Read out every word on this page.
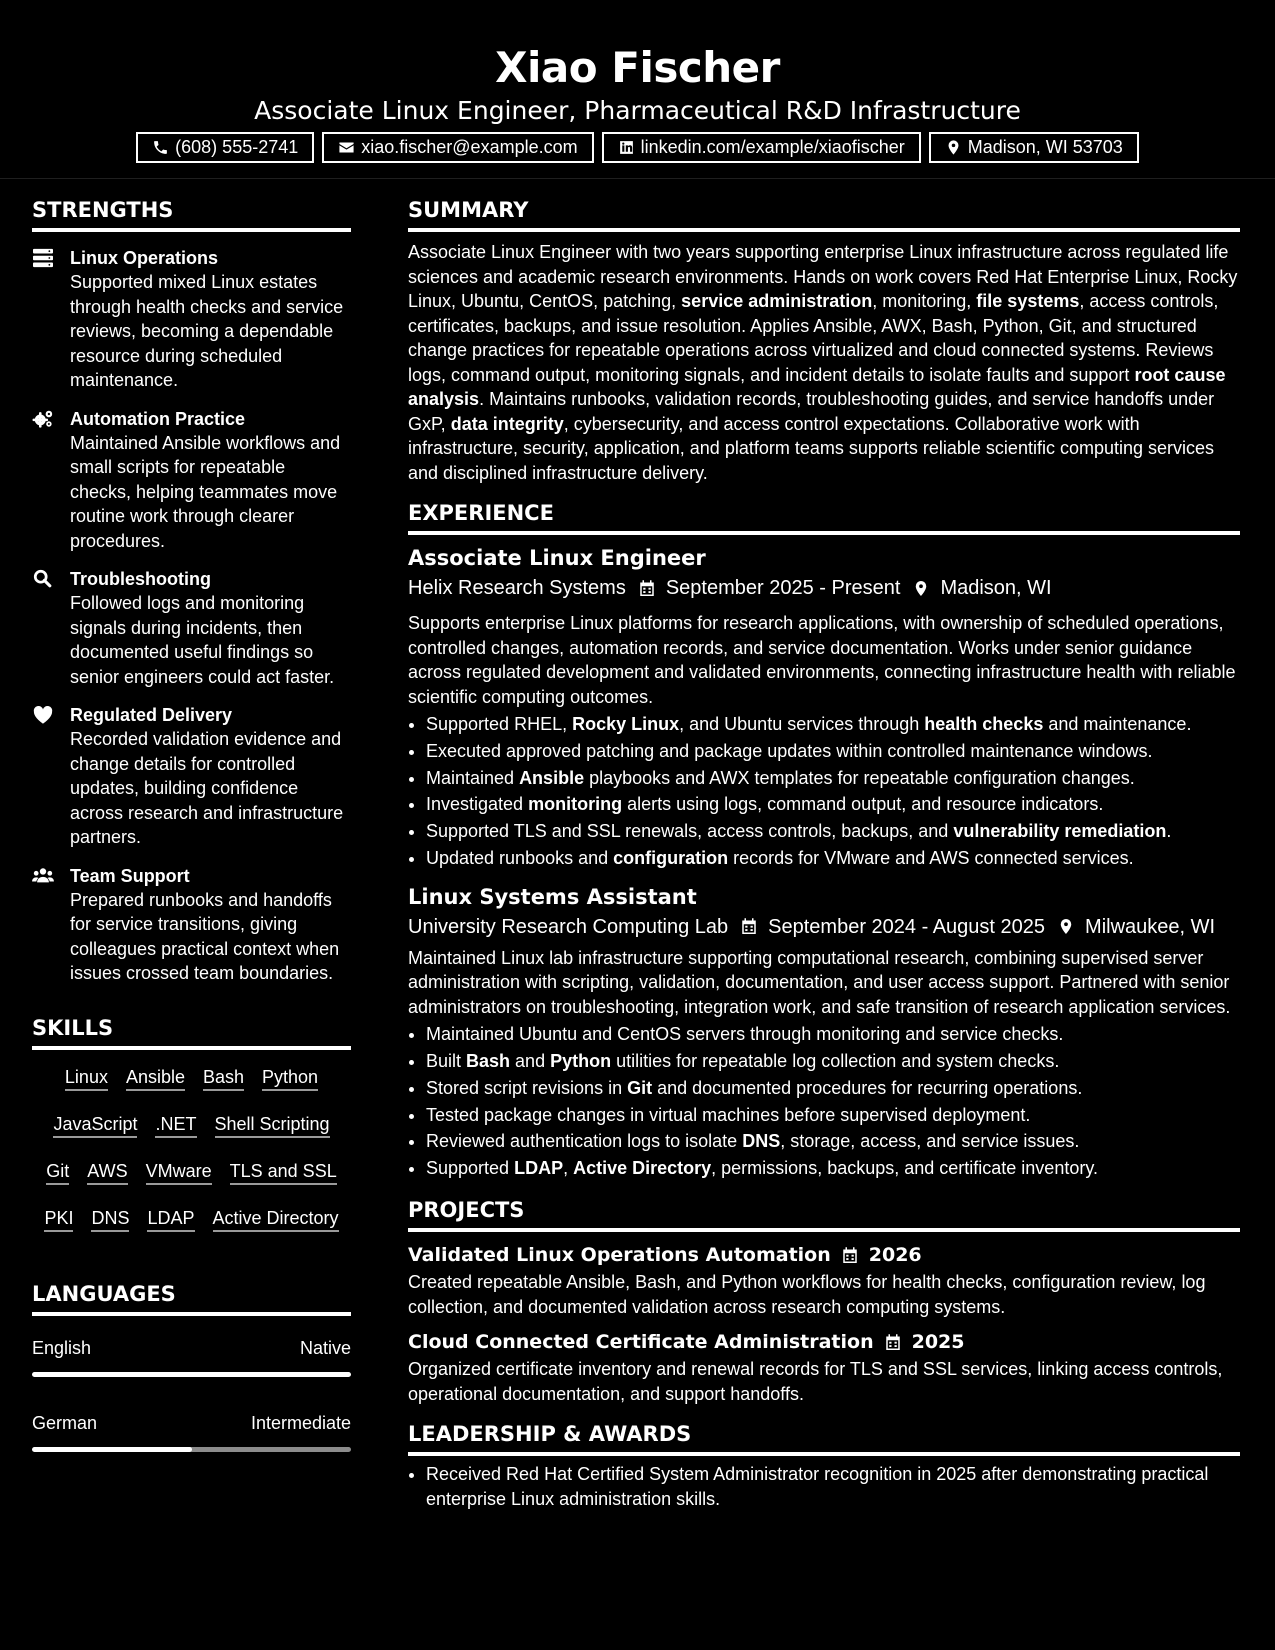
Xiao Fischer
Associate Linux Engineer, Pharmaceutical R&D Infrastructure
(608) 555-2741	xiao.fischer@example.com	linkedin.com/example/xiaofischer	Madison, WI 53703
STRENGTHS
Linux Operations
Supported mixed Linux estates through health checks and service reviews, becoming a dependable resource during scheduled maintenance.
Automation Practice
Maintained Ansible workflows and small scripts for repeatable checks, helping teammates move routine work through clearer procedures.
Troubleshooting
Followed logs and monitoring signals during incidents, then documented useful findings so senior engineers could act faster.
Regulated Delivery
Recorded validation evidence and change details for controlled updates, building confidence across research and infrastructure partners.
Team Support
Prepared runbooks and handoffs for service transitions, giving colleagues practical context when issues crossed team boundaries.
SKILLS
Linux Ansible Bash Python
JavaScript .NET Shell Scripting
Git AWS VMware TLS and SSL
PKI DNS LDAP Active Directory
LANGUAGES
English	Native
German	Intermediate
SUMMARY

Associate Linux Engineer with two years supporting enterprise Linux infrastructure across regulated life sciences and academic research environments. Hands on work covers Red Hat Enterprise Linux, Rocky Linux, Ubuntu, CentOS, patching, service administration, monitoring, file systems, access controls, certificates, backups, and issue resolution. Applies Ansible, AWX, Bash, Python, Git, and structured change practices for repeatable operations across virtualized and cloud connected systems. Reviews logs, command output, monitoring signals, and incident details to isolate faults and support root cause analysis. Maintains runbooks, validation records, troubleshooting guides, and service handoffs under GxP, data integrity, cybersecurity, and access control expectations. Collaborative work with infrastructure, security, application, and platform teams supports reliable scientific computing services and disciplined infrastructure delivery.

EXPERIENCE
Associate Linux Engineer
Helix Research Systems September 2025 - Present Madison, WI

Supports enterprise Linux platforms for research applications, with ownership of scheduled operations, controlled changes, automation records, and service documentation. Works under senior guidance across regulated development and validated environments, connecting infrastructure health with reliable scientific computing outcomes.

• Supported RHEL, Rocky Linux, and Ubuntu services through health checks and maintenance.
• Executed approved patching and package updates within controlled maintenance windows.
• Maintained Ansible playbooks and AWX templates for repeatable configuration changes.
• Investigated monitoring alerts using logs, command output, and resource indicators.
• Supported TLS and SSL renewals, access controls, backups, and vulnerability remediation.
• Updated runbooks and configuration records for VMware and AWS connected services.
Linux Systems Assistant
University Research Computing Lab September 2024 - August 2025 Milwaukee, WI

Maintained Linux lab infrastructure supporting computational research, combining supervised server administration with scripting, validation, documentation, and user access support. Partnered with senior administrators on troubleshooting, integration work, and safe transition of research application services.

• Maintained Ubuntu and CentOS servers through monitoring and service checks.
• Built Bash and Python utilities for repeatable log collection and system checks.
• Stored script revisions in Git and documented procedures for recurring operations.
• Tested package changes in virtual machines before supervised deployment.
• Reviewed authentication logs to isolate DNS, storage, access, and service issues.
• Supported LDAP, Active Directory, permissions, backups, and certificate inventory.
PROJECTS
Validated Linux Operations Automation 2026
Created repeatable Ansible, Bash, and Python workflows for health checks, configuration review, log collection, and documented validation across research computing systems.
Cloud Connected Certificate Administration 2025
Organized certificate inventory and renewal records for TLS and SSL services, linking access controls, operational documentation, and support handoffs.
LEADERSHIP & AWARDS
• Received Red Hat Certified System Administrator recognition in 2025 after demonstrating practical enterprise Linux administration skills.
